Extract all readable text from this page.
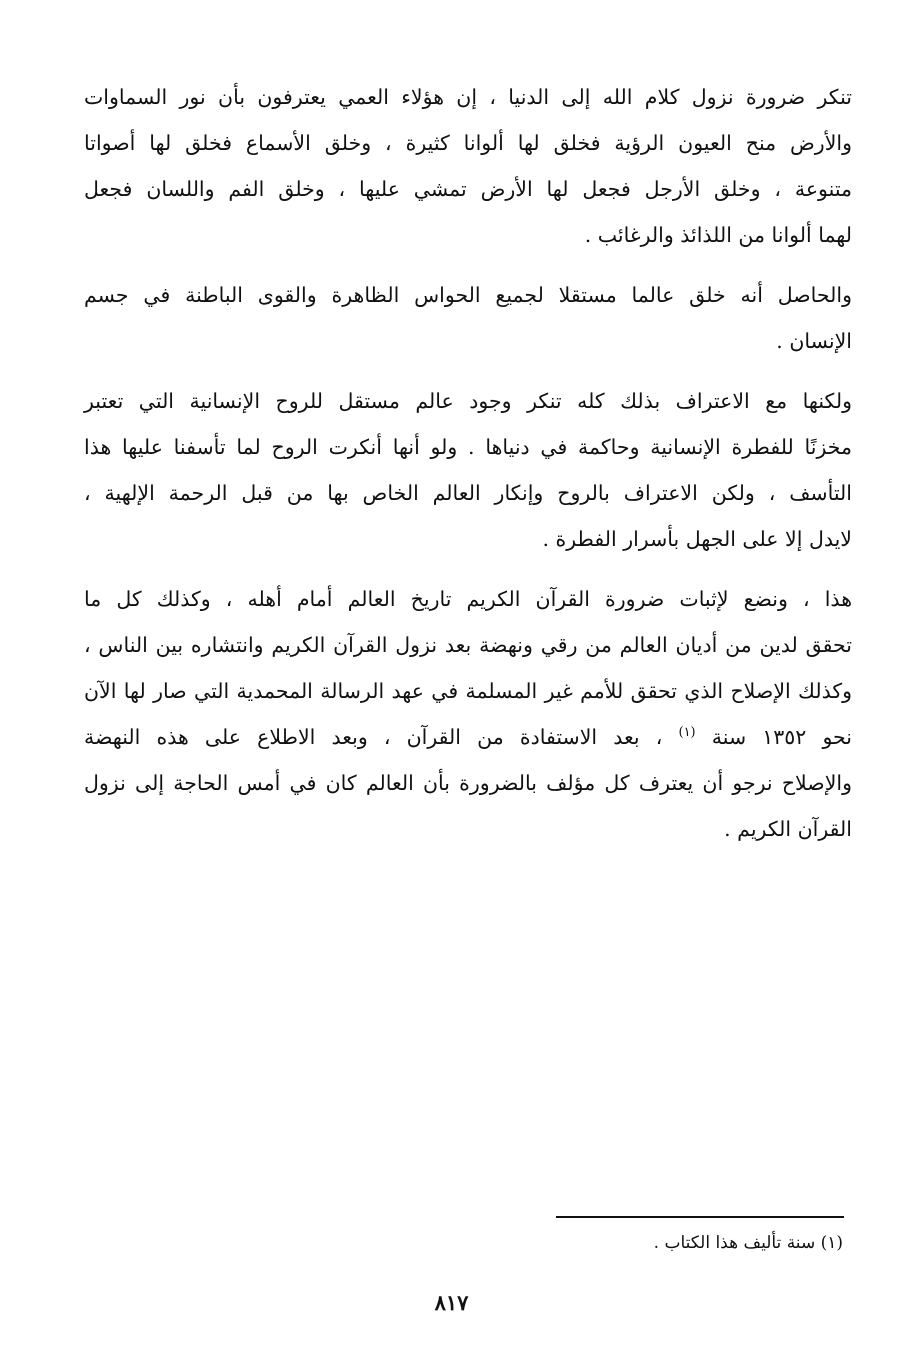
تنكر ضرورة نزول كلام الله إلى الدنيا ، إن هؤلاء العمي يعترفون بأن نور السماوات
والأرض منح العيون الرؤية فخلق لها ألوانا كثيرة ، وخلق الأسماع فخلق لها أصواتا
متنوعة ، وخلق الأرجل فجعل لها الأرض تمشي عليها ، وخلق الفم واللسان فجعل
لهما ألوانا من اللذائذ والرغائب .

والحاصل أنه خلق عالما مستقلا لجميع الحواس الظاهرة والقوى الباطنة في جسم
الإنسان .

ولكنها مع الاعتراف بذلك كله تنكر وجود عالم مستقل للروح الإنسانية التي تعتبر
مخزنًا للفطرة الإنسانية وحاكمة في دنياها . ولو أنها أنكرت الروح لما تأسفنا عليها هذا
التأسف ، ولكن الاعتراف بالروح وإنكار العالم الخاص بها من قبل الرحمة الإلهية ،
لايدل إلا على الجهل بأسرار الفطرة .

هذا ، ونضع لإثبات ضرورة القرآن الكريم تاريخ العالم أمام أهله ، وكذلك كل ما
تحقق لدين من أديان العالم من رقي ونهضة بعد نزول القرآن الكريم وانتشاره بين الناس ،
وكذلك الإصلاح الذي تحقق للأمم غير المسلمة في عهد الرسالة المحمدية التي صار لها الآن
نحو ١٣٥٢ سنة $^{(١)}$ ، بعد الاستفادة من القرآن ، وبعد الاطلاع على هذه النهضة
والإصلاح نرجو أن يعترف كل مؤلف بالضرورة بأن العالم كان في أمس الحاجة إلى نزول
القرآن الكريم .

(١) سنة تأليف هذا الكتاب .
٨١٧
